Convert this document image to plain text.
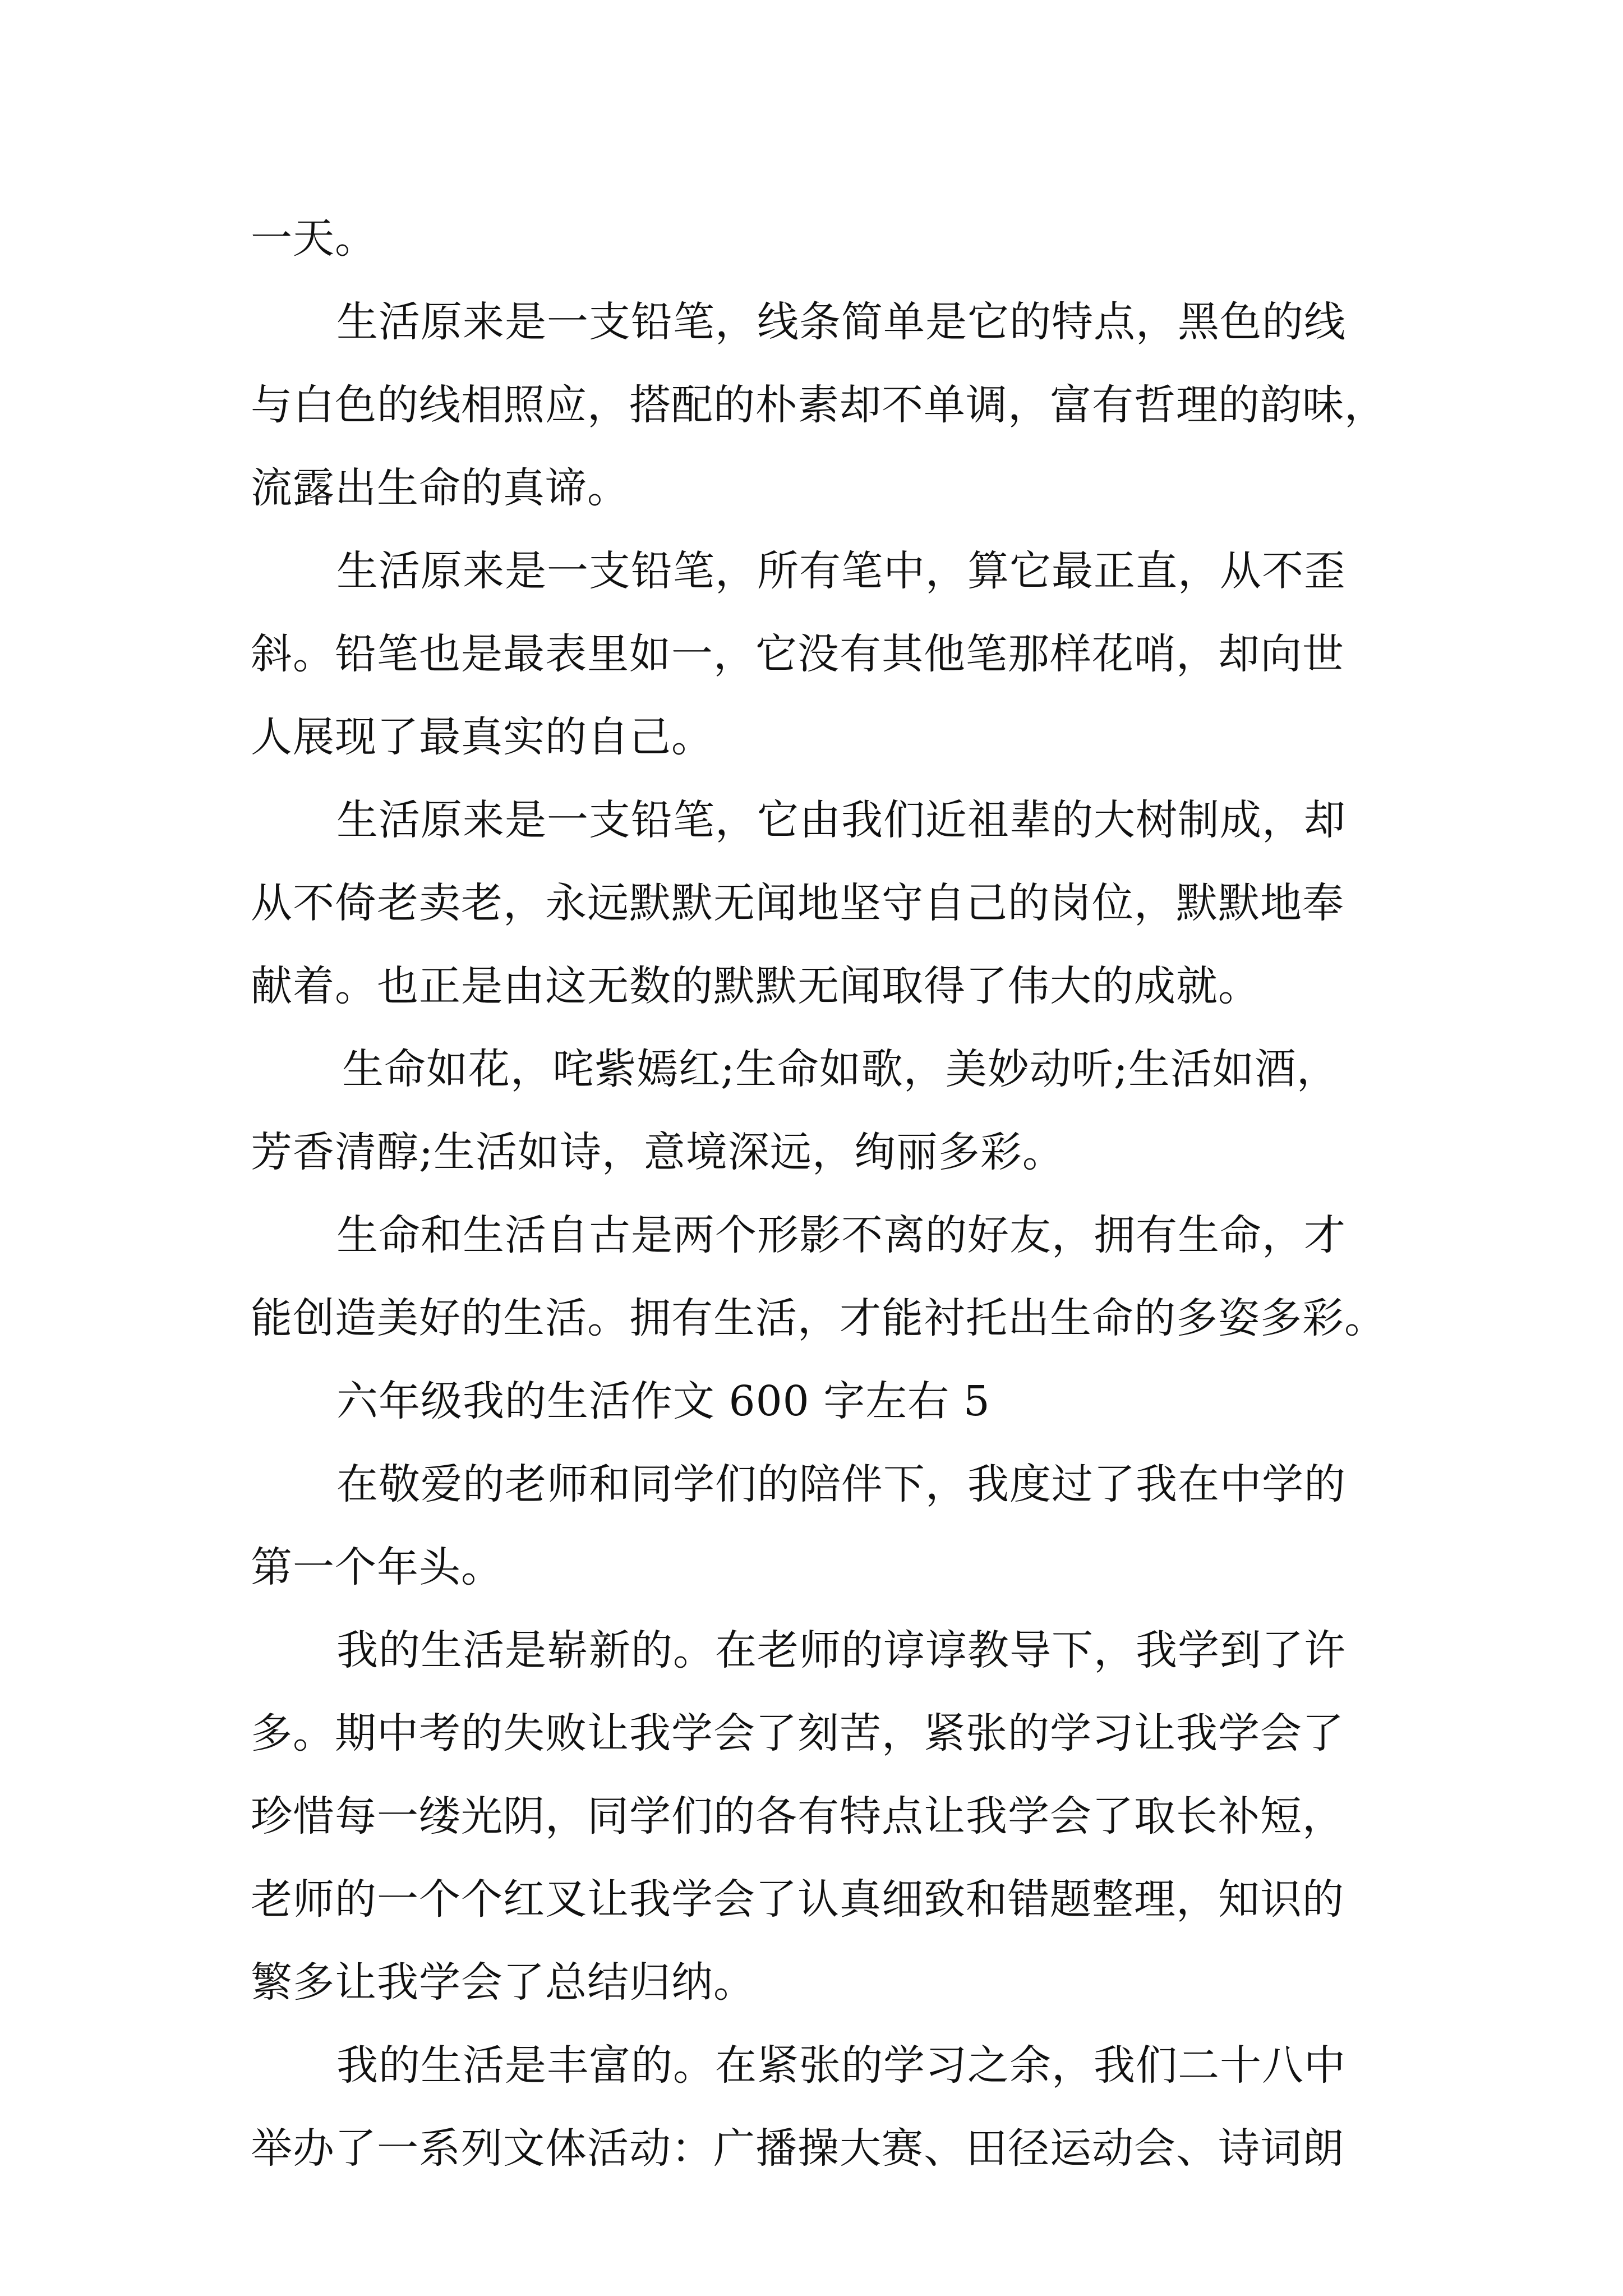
一天。
生活原来是一支铅笔，线条简单是它的特点，黑色的线
与白色的线相照应，搭配的朴素却不单调，富有哲理的韵味，
流露出生命的真谛。
生活原来是一支铅笔，所有笔中，算它最正直，从不歪
斜。铅笔也是最表里如一，它没有其他笔那样花哨，却向世
人展现了最真实的自己。
生活原来是一支铅笔，它由我们近祖辈的大树制成，却
从不倚老卖老，永远默默无闻地坚守自己的岗位，默默地奉
献着。也正是由这无数的默默无闻取得了伟大的成就。
生命如花，咤紫嫣红;生命如歌，美妙动听;生活如酒，
芳香清醇;生活如诗，意境深远，绚丽多彩。
生命和生活自古是两个形影不离的好友，拥有生命，才
能创造美好的生活。拥有生活，才能衬托出生命的多姿多彩。
六年级我的生活作文 600 字左右 5
在敬爱的老师和同学们的陪伴下，我度过了我在中学的
第一个年头。
我的生活是崭新的。在老师的谆谆教导下，我学到了许
多。期中考的失败让我学会了刻苦，紧张的学习让我学会了
珍惜每一缕光阴，同学们的各有特点让我学会了取长补短，
老师的一个个红叉让我学会了认真细致和错题整理，知识的
繁多让我学会了总结归纳。
我的生活是丰富的。在紧张的学习之余，我们二十八中
举办了一系列文体活动：广播操大赛、田径运动会、诗词朗
